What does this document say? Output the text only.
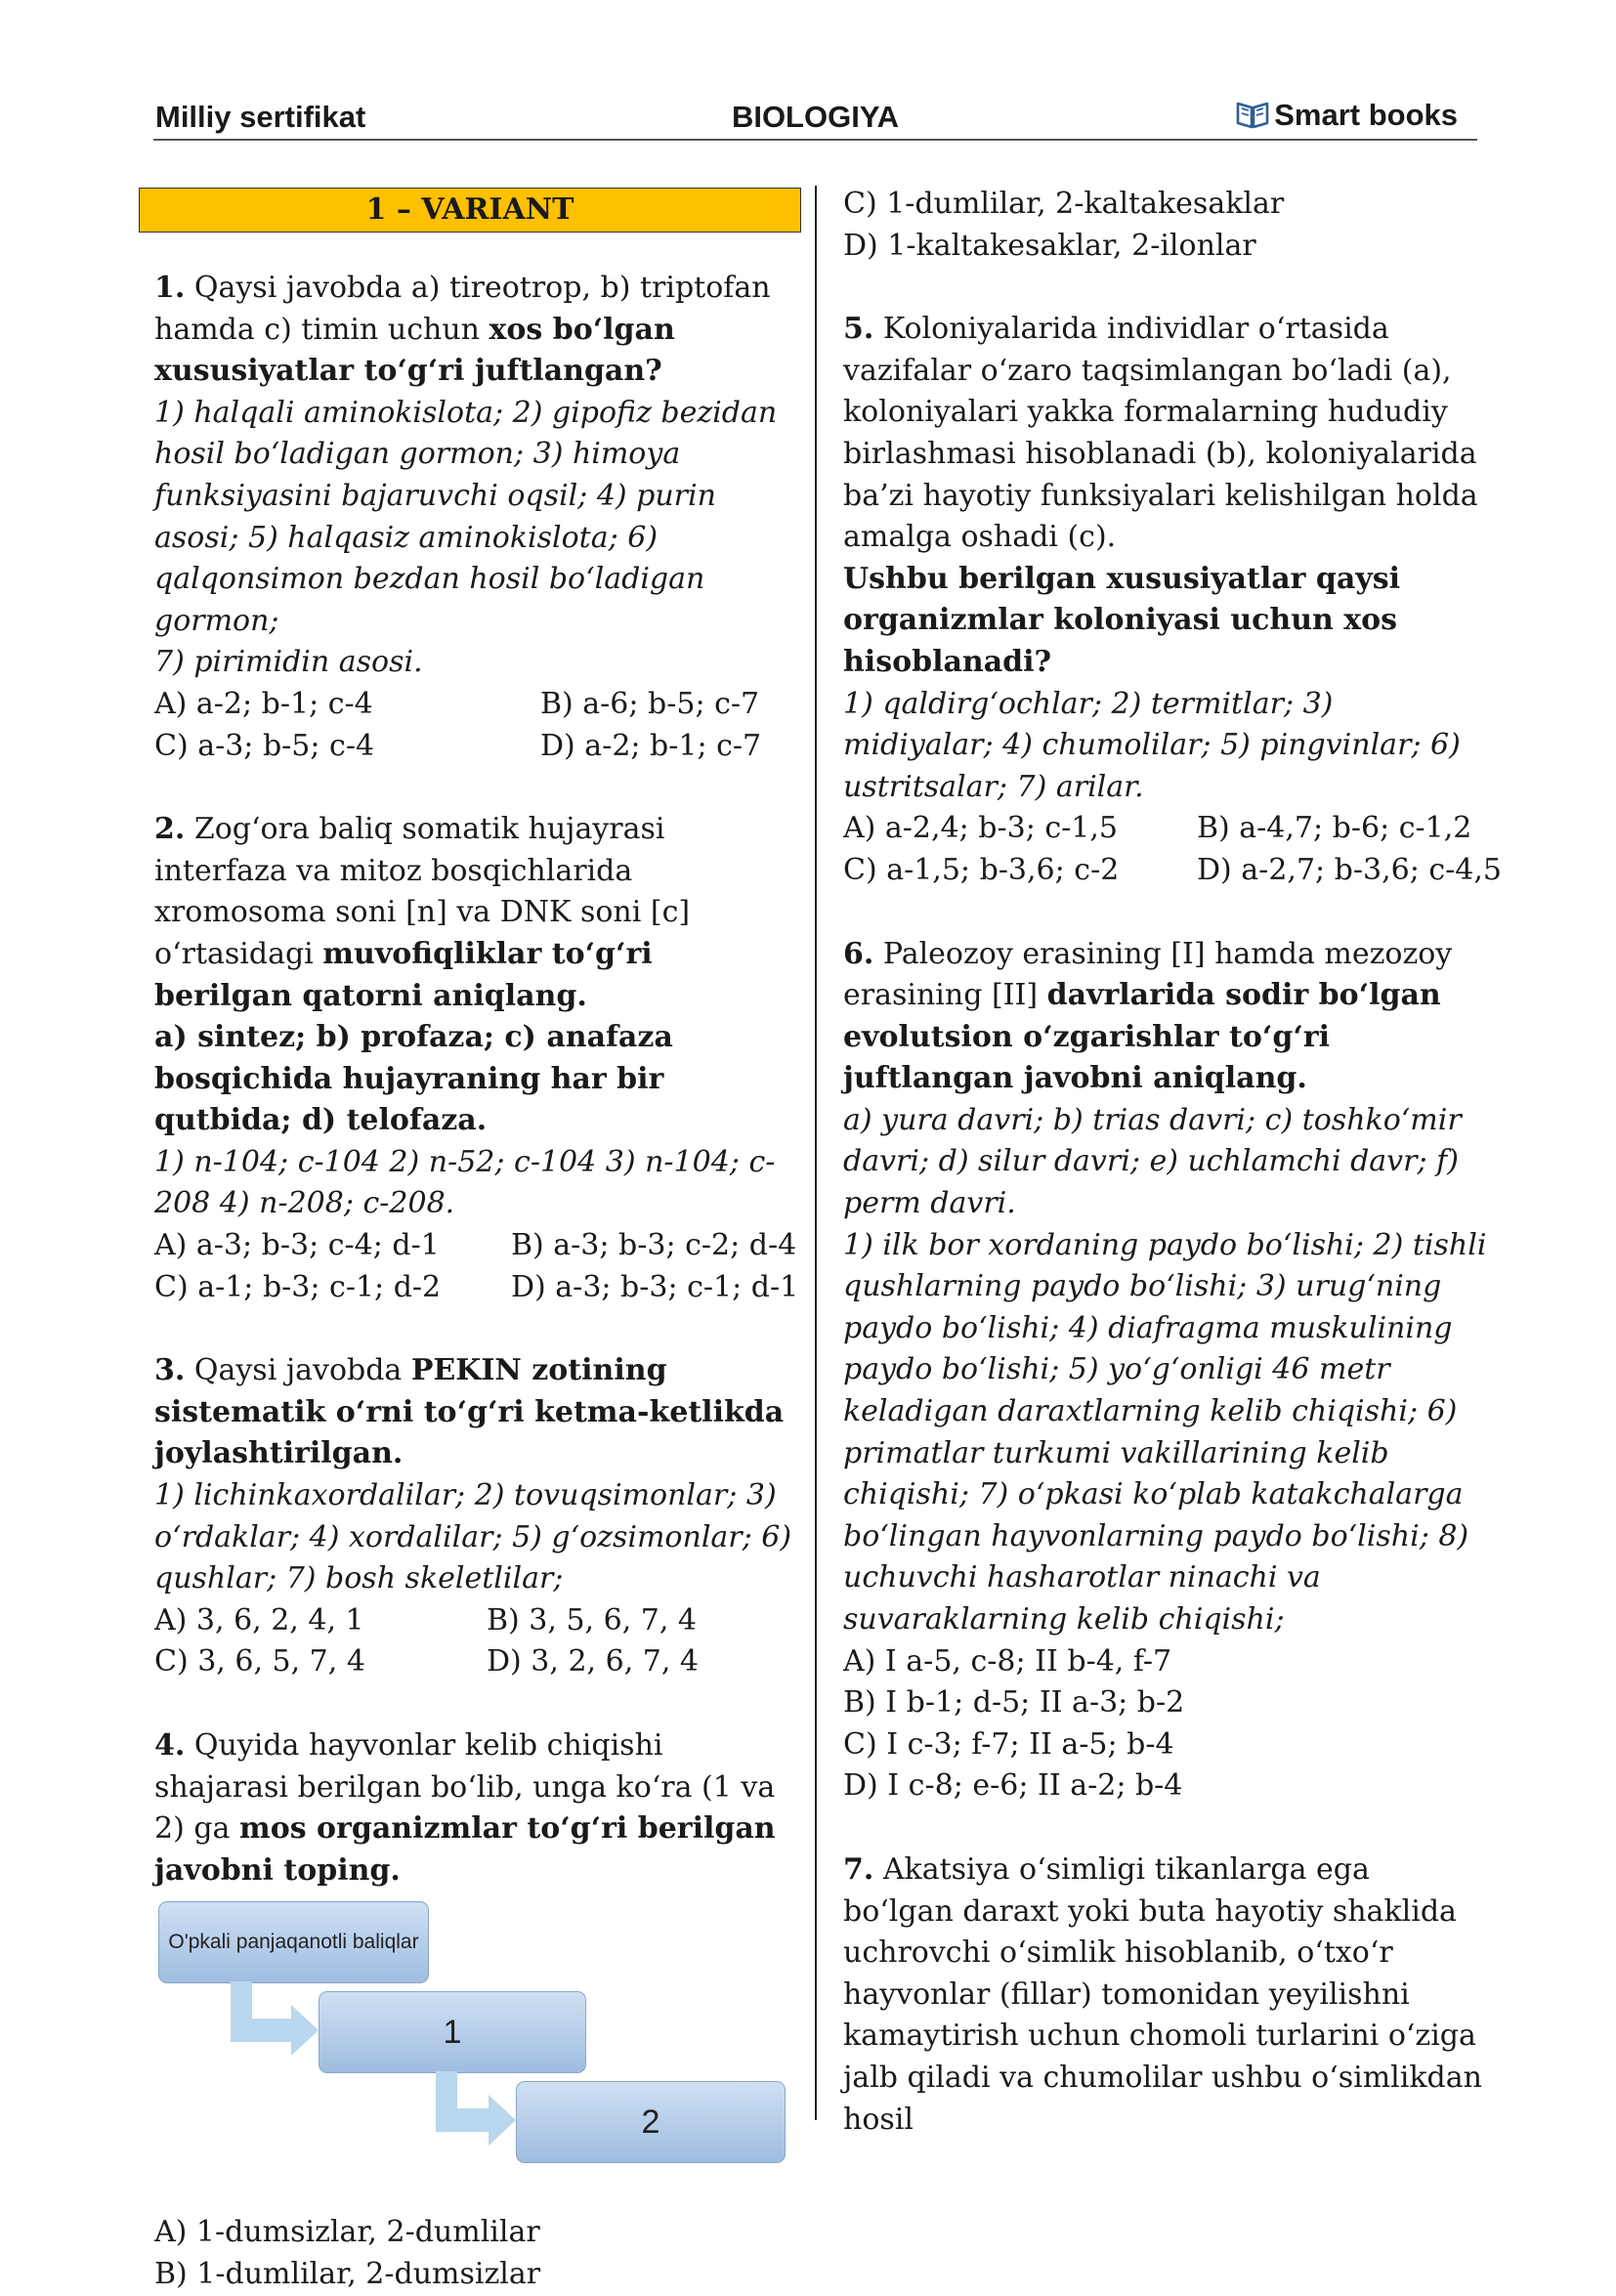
Milliy sertifikat	BIOLOGIYA	Smart books
1 – VARIANT

1. Qaysi javobda a) tireotrop, b) triptofan hamda c) timin uchun xos bo‘lgan xususiyatlar to‘g‘ri juftlangan?

1) halqali aminokislota; 2) gipofiz bezidan hosil bo‘ladigan gormon; 3) himoya funksiyasini bajaruvchi oqsil; 4) purin asosi; 5) halqasiz aminokislota; 6) qalqonsimon bezdan hosil bo‘ladigan gormon;

7) pirimidin asosi.

A) a-2; b-1; c-4	B) a-6; b-5; c-7
C) a-3; b-5; c-4	D) a-2; b-1; c-7

2. Zog‘ora baliq somatik hujayrasi interfaza va mitoz bosqichlarida xromosoma soni [n] va DNK soni [c] o‘rtasidagi muvofiqliklar to‘g‘ri berilgan qatorni aniqlang.

a) sintez; b) profaza; c) anafaza bosqichida hujayraning har bir qutbida; d) telofaza.

1) n-104; c-104 2) n-52; c-104 3) n-104; c-208 4) n-208; c-208.

A) a-3; b-3; c-4; d-1	B) a-3; b-3; c-2; d-4
C) a-1; b-3; c-1; d-2	D) a-3; b-3; c-1; d-1

3. Qaysi javobda PEKIN zotining sistematik o‘rni to‘g‘ri ketma-ketlikda joylashtirilgan.

1) lichinkaxordalilar; 2) tovuqsimonlar; 3) o‘rdaklar; 4) xordalilar; 5) g‘ozsimonlar; 6) qushlar; 7) bosh skeletlilar;

A) 3, 6, 2, 4, 1	B) 3, 5, 6, 7, 4
C) 3, 6, 5, 7, 4	D) 3, 2, 6, 7, 4

4. Quyida hayvonlar kelib chiqishi shajarasi berilgan bo‘lib, unga ko‘ra (1 va 2) ga mos organizmlar to‘g‘ri berilgan javobni toping.

O'pkali panjaqanotli baliqlar
1
2
A) 1-dumsizlar, 2-dumlilar
B) 1-dumlilar, 2-dumsizlar
C) 1-dumlilar, 2-kaltakesaklar
D) 1-kaltakesaklar, 2-ilonlar

5. Koloniyalarida individlar o‘rtasida vazifalar o‘zaro taqsimlangan bo‘ladi (a), koloniyalari yakka formalarning hududiy birlashmasi hisoblanadi (b), koloniyalarida ba’zi hayotiy funksiyalari kelishilgan holda amalga oshadi (c).

Ushbu berilgan xususiyatlar qaysi organizmlar koloniyasi uchun xos hisoblanadi?

1) qaldirg‘ochlar; 2) termitlar; 3) midiyalar; 4) chumolilar; 5) pingvinlar; 6) ustritsalar; 7) arilar.

A) a-2,4; b-3; c-1,5	B) a-4,7; b-6; c-1,2
C) a-1,5; b-3,6; c-2	D) a-2,7; b-3,6; c-4,5

6. Paleozoy erasining [I] hamda mezozoy erasining [II] davrlarida sodir bo‘lgan evolutsion o‘zgarishlar to‘g‘ri juftlangan javobni aniqlang.

a) yura davri; b) trias davri; c) toshko‘mir davri; d) silur davri; e) uchlamchi davr; f) perm davri.

1) ilk bor xordaning paydo bo‘lishi; 2) tishli qushlarning paydo bo‘lishi; 3) urug‘ning paydo bo‘lishi; 4) diafragma muskulining paydo bo‘lishi; 5) yo‘g‘onligi 46 metr keladigan daraxtlarning kelib chiqishi; 6) primatlar turkumi vakillarining kelib chiqishi; 7) o‘pkasi ko‘plab katakchalarga bo‘lingan hayvonlarning paydo bo‘lishi; 8) uchuvchi hasharotlar ninachi va suvaraklarning kelib chiqishi;

A) I a-5, c-8; II b-4, f-7
B) I b-1; d-5; II a-3; b-2
C) I c-3; f-7; II a-5; b-4
D) I c-8; e-6; II a-2; b-4

7. Akatsiya o‘simligi tikanlarga ega bo‘lgan daraxt yoki buta hayotiy shaklida uchrovchi o‘simlik hisoblanib, o‘txo‘r hayvonlar (fillar) tomonidan yeyilishni kamaytirish uchun chomoli turlarini o‘ziga jalb qiladi va chumolilar ushbu o‘simlikdan hosil
